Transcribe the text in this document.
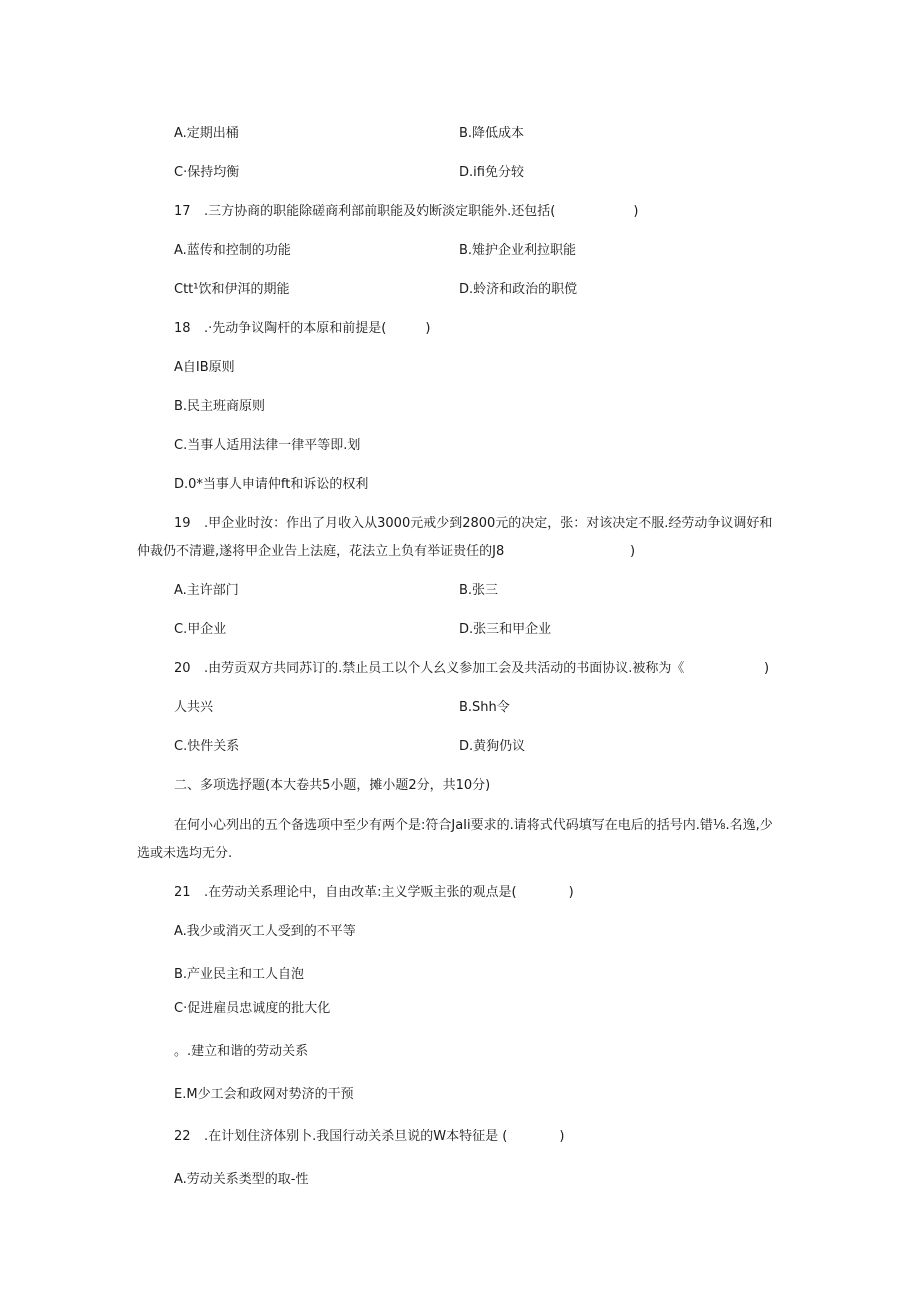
A.定期出桶	B.降低成本
C·保持均衡	D.ifi免分较
17 .三方协商的职能除磋商利部前职能及妁断淡定职能外.还包括(　　　　　　)
A.蓝传和控制的功能	B.雉护企业利拉职能
Ctt¹饮和伊洱的期能	D.蛉济和政治的职傥
18 .·先动争议陶杆的本原和前提是(　　　)
A自IB原则
B.民主班商原则
C.当事人适用法律一律平等即.划
D.0*当事人申请仲ft和诉讼的权利
19 .甲企业时汝：作出了月收入从3000元戒少到2800元的决定，张：对该决定不服.经劳动争议调好和
仲裁仍不清避,遂将甲企业告上法庭，花法立上负有举证贵任的J8	)
A.主许部门	B.张三
C.甲企业	D.张三和甲企业
20 .由劳贡双方共同苏订的.禁止员工以个人幺义参加工会及共活动的书面协议.被称为《	)
人共兴	B.Shh令
C.快件关系	D.黄狗仍议
二、多项选抒题(本大卷共5小题，摊小题2分，共10分)
在何小心列出的五个备选项中至少有两个是:符合JaIi要求的.请将式代码填写在电后的括号内.错⅛.名逸,少
选或未选均无分.
21 .在劳动关系理论中，自由改革:主义学贩主张的观点是(　　　　)
A.我少或消灭工人受到的不平等
B.产业民主和工人自泡
C·促进雇员忠诚度的批大化
。.建立和谐的劳动关系
E.M少工会和政网对势济的干预
22 .在计划住济体别卜.我国行动关杀旦说的W本特征是 (　　　　)
A.劳动关系类型的取-性
